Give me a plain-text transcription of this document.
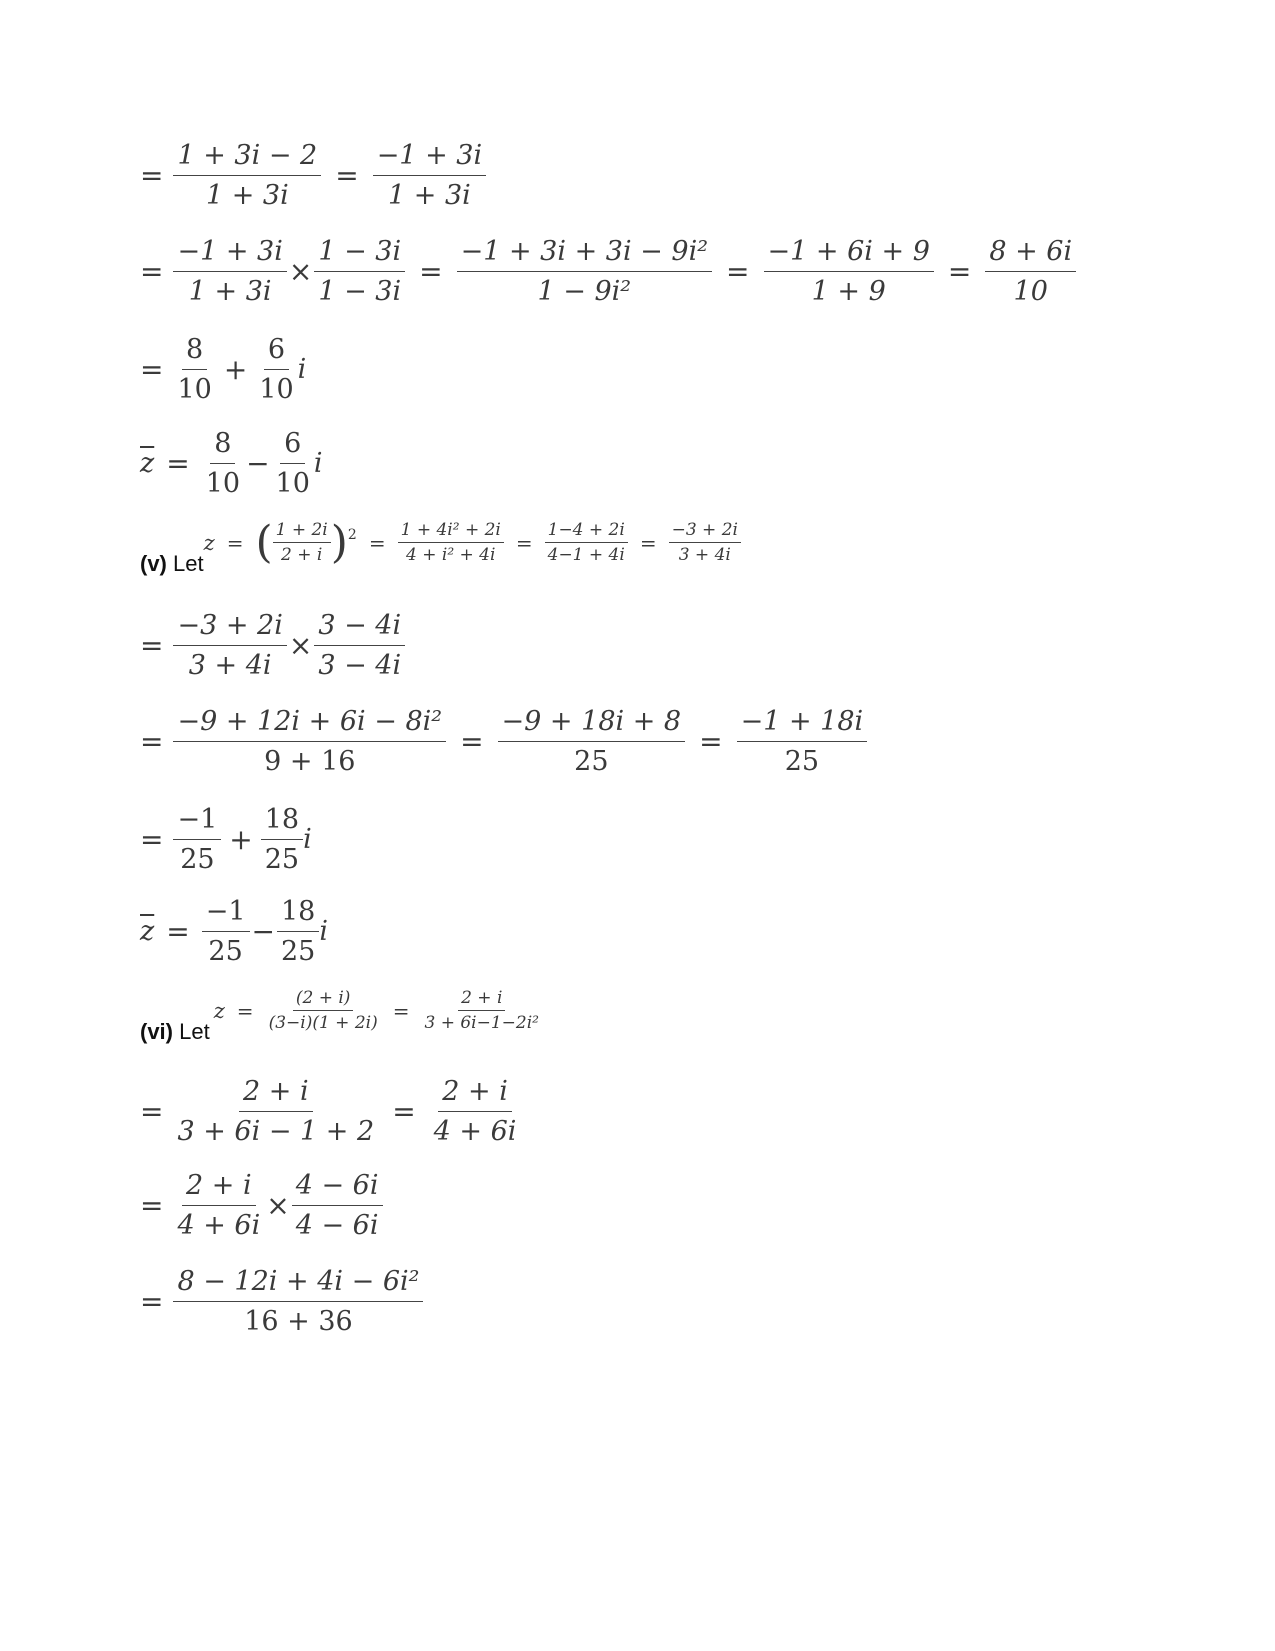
= $\frac{1 + 3i - 2}{1 + 3i} = \frac{-1 + 3i}{1 + 3i}$
= $\frac{-1 + 3i}{1 + 3i} \times \frac{1 - 3i}{1 - 3i} = \frac{\text{−1 + 3i + 3i − 9i²}}{\text{1 − 9i²}} = \frac{-1 + 6i + 9}{1 + 9} = \frac{8 + 6i}{10}$
= $\frac{8}{10} + \frac{6}{10}$ i
$\overline{z} = \frac{8}{10} - \frac{6}{10}$ i
(v) Let
z = ( $\frac{1 + 2i}{2 + i}$ ) $2 = \frac{\text{1 + 4i² + 2i}}{\text{4 + i² + 4i}} = \frac{1-4 + 2i}{4-1 + 4i} = \frac{-3 + 2i}{3 + 4i}$
= $\frac{-3 + 2i}{3 + 4i} \times \frac{3 - 4i}{3 - 4i}$
= $\frac{\text{−9 + 12i + 6i − 8i²}}{9 + 16} = \frac{-9 + 18i + 8}{25} = \frac{-1 + 18i}{25}$
= $\frac{-1}{25} + \frac{18}{25}$ i
$\overline{z} = \frac{-1}{25} - \frac{18}{25}$ i
(vi) Let
$z = \frac{(2 + i)}{(3-i)(1 + 2i)} = \frac{2 + i}{\text{3 + 6i−1−2i²}}$
= $\frac{2 + i}{3 + 6i - 1 + 2} = \frac{2 + i}{4 + 6i}$
= $\frac{2 + i}{4 + 6i} \times \frac{4 - 6i}{4 - 6i}$
= $\frac{\text{8 − 12i + 4i − 6i²}}{16 + 36}$
